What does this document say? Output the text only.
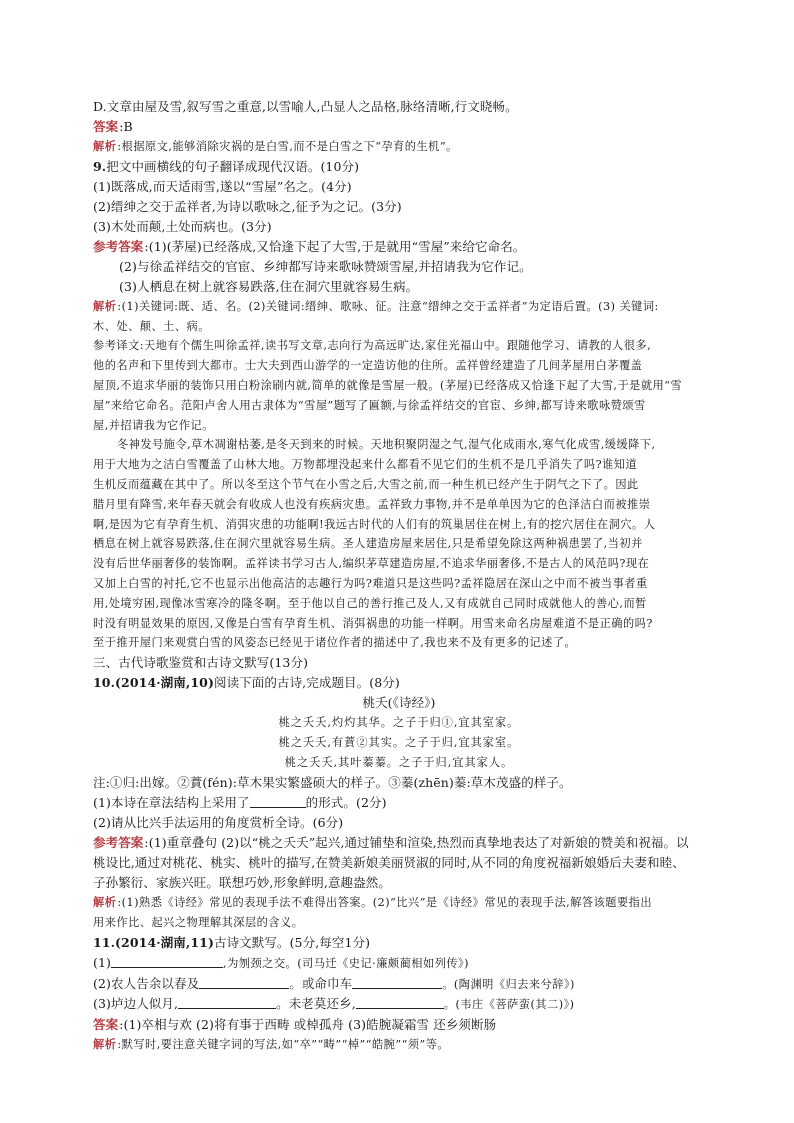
D.文章由屋及雪,叙写雪之重意,以雪喻人,凸显人之品格,脉络清晰,行文晓畅。

答案:B

解析:根据原文,能够消除灾祸的是白雪,而不是白雪之下“孕育的生机”。

9.把文中画横线的句子翻译成现代汉语。(10分)

(1)既落成,而天适雨雪,遂以“雪屋”名之。(4分)

(2)缙绅之交于孟祥者,为诗以歌咏之,征予为之记。(3分)

(3)木处而颠,土处而病也。(3分)

参考答案:(1)(茅屋)已经落成,又恰逢下起了大雪,于是就用“雪屋”来给它命名。

(2)与徐孟祥结交的官宦、乡绅都写诗来歌咏赞颂雪屋,并招请我为它作记。

(3)人栖息在树上就容易跌落,住在洞穴里就容易生病。

解析:(1)关键词:既、适、名。(2)关键词:缙绅、歌咏、征。注意“缙绅之交于孟祥者”为定语后置。(3) 关键词:

木、处、颠、土、病。

参考译文:天地有个儒生叫徐孟祥,读书写文章,志向行为高远旷达,家住光福山中。跟随他学习、请教的人很多,

他的名声和下里传到大都市。士大夫到西山游学的一定造访他的住所。孟祥曾经建造了几间茅屋用白茅覆盖

屋顶,不追求华丽的装饰只用白粉涂刷内就,简单的就像是雪屋一般。(茅屋)已经落成又恰逢下起了大雪,于是就用“雪

屋”来给它命名。范阳卢舍人用古隶体为“雪屋”题写了匾额,与徐孟祥结交的官宦、乡绅,都写诗来歌咏赞颂雪

屋,并招请我为它作记。

冬神发号施令,草木凋谢枯萎,是冬天到来的时候。天地积聚阴湿之气,湿气化成雨水,寒气化成雪,缓缓降下,

用于大地为之洁白雪覆盖了山林大地。万物都埋没起来什么都看不见它们的生机不是几乎消失了吗?谁知道

生机反而蕴藏在其中了。所以冬至这个节气在小雪之后,大雪之前,而一种生机已经产生于阴气之下了。因此

腊月里有降雪,来年春天就会有收成人也没有疾病灾患。孟祥致力事物,并不是单单因为它的色泽洁白而被推崇

啊,是因为它有孕育生机、消弭灾患的功能啊!我远古时代的人们有的筑巢居住在树上,有的挖穴居住在洞穴。人

栖息在树上就容易跌落,住在洞穴里就容易生病。圣人建造房屋来居住,只是希望免除这两种祸患罢了,当初并

没有后世华丽奢侈的装饰啊。孟祥读书学习古人,编织茅草建造房屋,不追求华丽奢侈,不是古人的风范吗?现在

又加上白雪的衬托,它不也显示出他高洁的志趣行为吗?难道只是这些吗?孟祥隐居在深山之中而不被当事者重

用,处境穷困,现像冰雪寒冷的隆冬啊。至于他以自己的善行推己及人,又有成就自己同时成就他人的善心,而暂

时没有明显效果的原因,又像是白雪有孕育生机、消弭祸患的功能一样啊。用雪来命名房屋难道不是正确的吗?

至于推开屋门来观赏白雪的风姿态已经见于诸位作者的描述中了,我也来不及有更多的记述了。

三、古代诗歌鉴赏和古诗文默写(13分)

10.(2014·湖南,10)阅读下面的古诗,完成题目。(8分)

桃夭(《诗经》)

桃之夭夭,灼灼其华。之子于归①,宜其室家。

桃之夭夭,有蕡②其实。之子于归,宜其家室。

桃之夭夭,其叶蓁蓁。之子于归,宜其家人。

注:①归:出嫁。②蕡(fén):草木果实繁盛硕大的样子。③蓁(zhēn)蓁:草木茂盛的样子。

(1)本诗在章法结构上采用了	的形式。(2分)

(2)请从比兴手法运用的角度赏析全诗。(6分)

参考答案:(1)重章叠句 (2)以“桃之夭夭”起兴,通过铺垫和渲染,热烈而真挚地表达了对新娘的赞美和祝福。以

桃设比,通过对桃花、桃实、桃叶的描写,在赞美新娘美丽贤淑的同时,从不同的角度祝福新娘婚后夫妻和睦、

子孙繁衍、家族兴旺。联想巧妙,形象鲜明,意趣盎然。

解析:(1)熟悉《诗经》常见的表现手法不难得出答案。(2)“比兴”是《诗经》常见的表现手法,解答该题要指出

用来作比、起兴之物理解其深层的含义。

11.(2014·湖南,11)古诗文默写。(5分,每空1分)

(1)	,为刎颈之交。(司马迁《史记·廉颇蔺相如列传》)

(2)农人告余以春及	。或命巾车	。(陶渊明《归去来兮辞》)

(3)垆边人似月,	。未老莫还乡,	。(韦庄《菩萨蛮(其二)》)

答案:(1)卒相与欢 (2)将有事于西畴 或棹孤舟 (3)皓腕凝霜雪 还乡须断肠

解析:默写时,要注意关键字词的写法,如“卒”“畴”“棹”“皓腕”“须”等。
